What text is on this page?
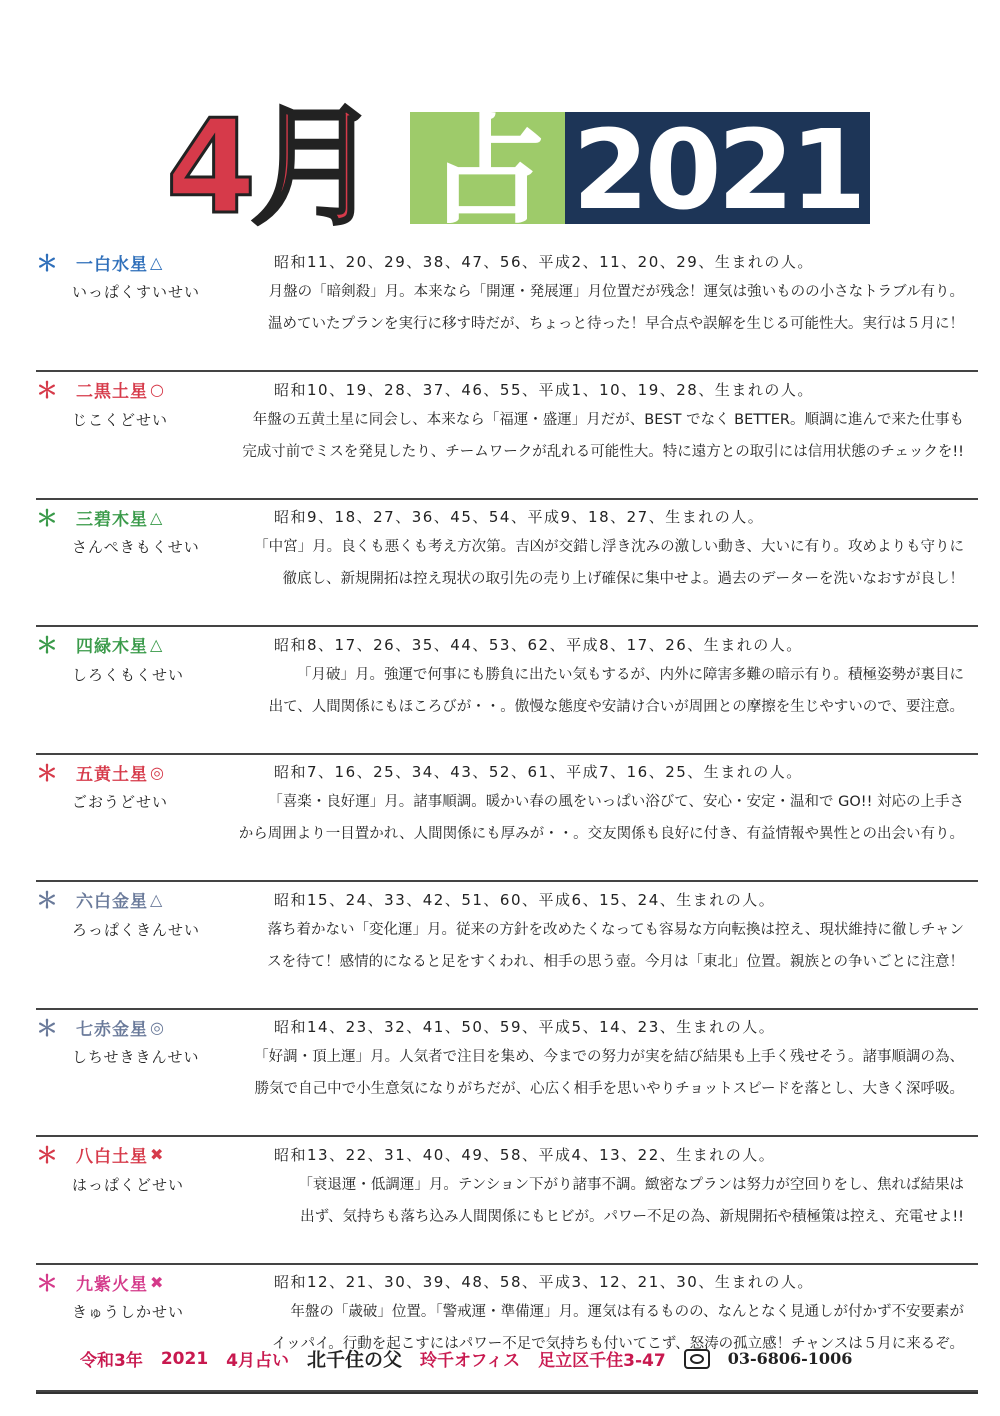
4月 占 2021
＊	一白水星 △	昭和11、20、29、38、47、56、平成2、11、20、29、生まれの人。
いっぱくすいせい	月盤の「暗剣殺」月。本来なら「開運・発展運」月位置だが残念！運気は強いものの小さなトラブル有り。
温めていたプランを実行に移す時だが、ちょっと待った！早合点や誤解を生じる可能性大。実行は５月に！
＊	二黒土星 ○	昭和10、19、28、37、46、55、平成1、10、19、28、生まれの人。
じこくどせい	年盤の五黄土星に同会し、本来なら「福運・盛運」月だが、BEST でなく BETTER。順調に進んで来た仕事も
完成寸前でミスを発見したり、チームワークが乱れる可能性大。特に遠方との取引には信用状態のチェックを!!
＊	三碧木星 △	昭和9、18、27、36、45、54、平成9、18、27、生まれの人。
さんぺきもくせい	「中宮」月。良くも悪くも考え方次第。吉凶が交錯し浮き沈みの激しい動き、大いに有り。攻めよりも守りに
徹底し、新規開拓は控え現状の取引先の売り上げ確保に集中せよ。過去のデーターを洗いなおすが良し！
＊	四緑木星 △	昭和8、17、26、35、44、53、62、平成8、17、26、生まれの人。
しろくもくせい	「月破」月。強運で何事にも勝負に出たい気もするが、内外に障害多難の暗示有り。積極姿勢が裏目に
出て、人間関係にもほころびが・・。傲慢な態度や安請け合いが周囲との摩擦を生じやすいので、要注意。
＊	五黄土星 ◎	昭和7、16、25、34、43、52、61、平成7、16、25、生まれの人。
ごおうどせい	「喜楽・良好運」月。諸事順調。暖かい春の風をいっぱい浴びて、安心・安定・温和で GO!! 対応の上手さ
から周囲より一目置かれ、人間関係にも厚みが・・。交友関係も良好に付き、有益情報や異性との出会い有り。
＊	六白金星 △	昭和15、24、33、42、51、60、平成6、15、24、生まれの人。
ろっぱくきんせい	落ち着かない「変化運」月。従来の方針を改めたくなっても容易な方向転換は控え、現状維持に徹しチャン
スを待て！感情的になると足をすくわれ、相手の思う壺。今月は「東北」位置。親族との争いごとに注意！
＊	七赤金星 ◎	昭和14、23、32、41、50、59、平成5、14、23、生まれの人。
しちせききんせい	「好調・頂上運」月。人気者で注目を集め、今までの努力が実を結び結果も上手く残せそう。諸事順調の為、
勝気で自己中で小生意気になりがちだが、心広く相手を思いやりチョットスピードを落とし、大きく深呼吸。
＊	八白土星 ✖	昭和13、22、31、40、49、58、平成4、13、22、生まれの人。
はっぱくどせい	「衰退運・低調運」月。テンション下がり諸事不調。緻密なプランは努力が空回りをし、焦れば結果は
出ず、気持ちも落ち込み人間関係にもヒビが。パワー不足の為、新規開拓や積極策は控え、充電せよ!!
＊	九紫火星 ✖	昭和12、21、30、39、48、58、平成3、12、21、30、生まれの人。
きゅうしかせい	年盤の「歳破」位置。「警戒運・準備運」月。運気は有るものの、なんとなく見通しが付かず不安要素が
イッパイ。行動を起こすにはパワー不足で気持ちも付いてこず、怒涛の孤立感！チャンスは５月に来るぞ。
令和3年 2021 4月占い 北千住の父 玲千オフィス 足立区千住3-47	03-6806-1006
